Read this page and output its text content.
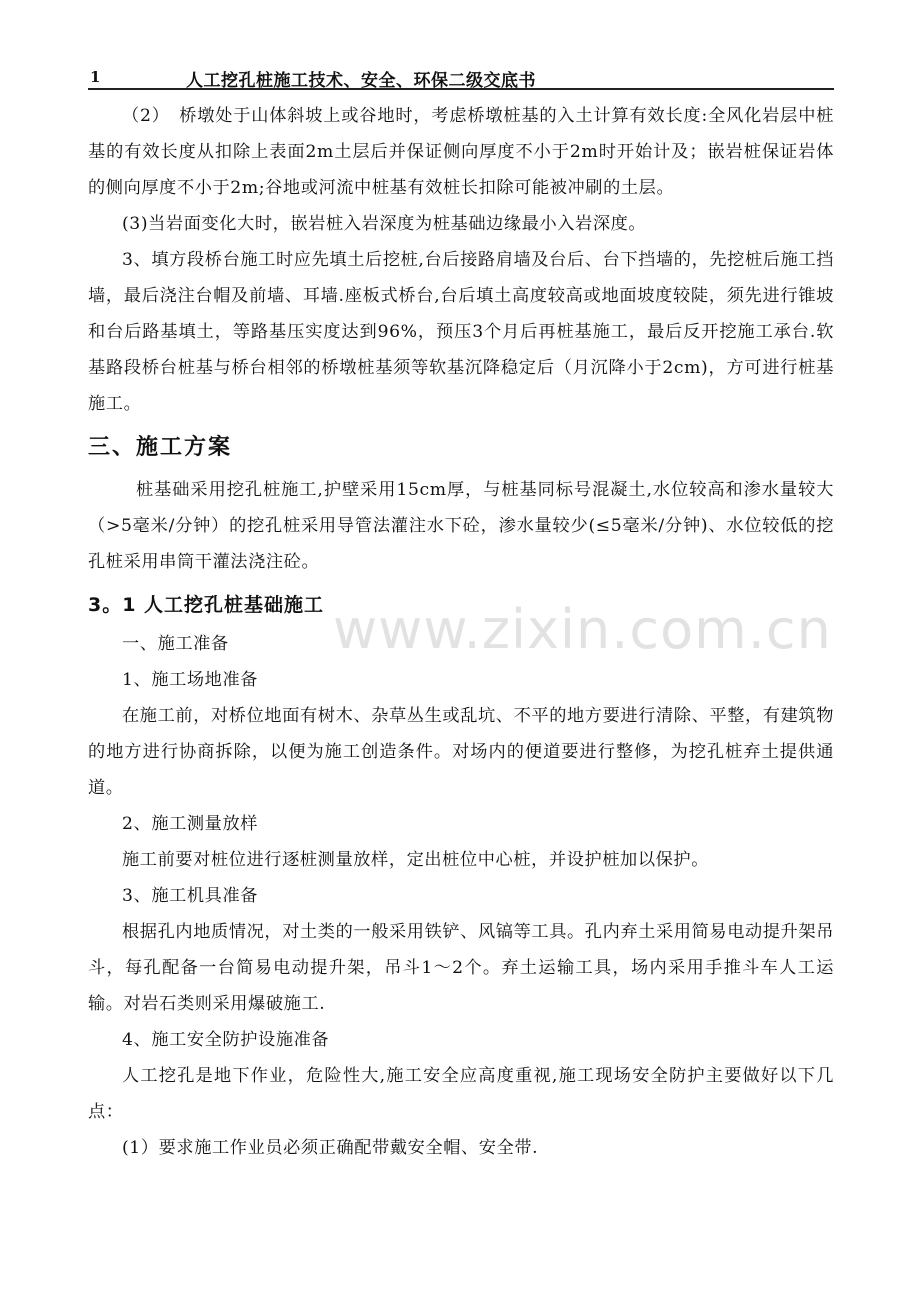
1	人工挖孔桩施工技术、安全、环保二级交底书

（2）　桥墩处于山体斜坡上或谷地时，考虑桥墩桩基的入土计算有效长度:全风化岩层中桩基的有效长度从扣除上表面2m土层后并保证侧向厚度不小于2m时开始计及；嵌岩桩保证岩体的侧向厚度不小于2m;谷地或河流中桩基有效桩长扣除可能被冲刷的土层。

(3)当岩面变化大时，嵌岩桩入岩深度为桩基础边缘最小入岩深度。

3、填方段桥台施工时应先填土后挖桩,台后接路肩墙及台后、台下挡墙的，先挖桩后施工挡墙，最后浇注台帽及前墙、耳墙.座板式桥台,台后填土高度较高或地面坡度较陡，须先进行锥坡和台后路基填土，等路基压实度达到96%，预压3个月后再桩基施工，最后反开挖施工承台.软基路段桥台桩基与桥台相邻的桥墩桩基须等软基沉降稳定后（月沉降小于2cm)，方可进行桩基施工。

三、施工方案

桩基础采用挖孔桩施工,护壁采用15cm厚，与桩基同标号混凝土,水位较高和渗水量较大（>5毫米/分钟）的挖孔桩采用导管法灌注水下砼，渗水量较少(≤5毫米/分钟)、水位较低的挖孔桩采用串筒干灌法浇注砼。

3。1 人工挖孔桩基础施工

一、施工准备

1、施工场地准备

在施工前，对桥位地面有树木、杂草丛生或乱坑、不平的地方要进行清除、平整，有建筑物的地方进行协商拆除，以便为施工创造条件。对场内的便道要进行整修，为挖孔桩弃土提供通道。

2、施工测量放样

施工前要对桩位进行逐桩测量放样，定出桩位中心桩，并设护桩加以保护。

3、施工机具准备

根据孔内地质情况，对土类的一般采用铁铲、风镐等工具。孔内弃土采用简易电动提升架吊斗，每孔配备一台简易电动提升架，吊斗1～2个。弃土运输工具，场内采用手推斗车人工运输。对岩石类则采用爆破施工.

4、施工安全防护设施准备

人工挖孔是地下作业，危险性大,施工安全应高度重视,施工现场安全防护主要做好以下几点：

(1）要求施工作业员必须正确配带戴安全帽、安全带.

www.zixin.com.cn
